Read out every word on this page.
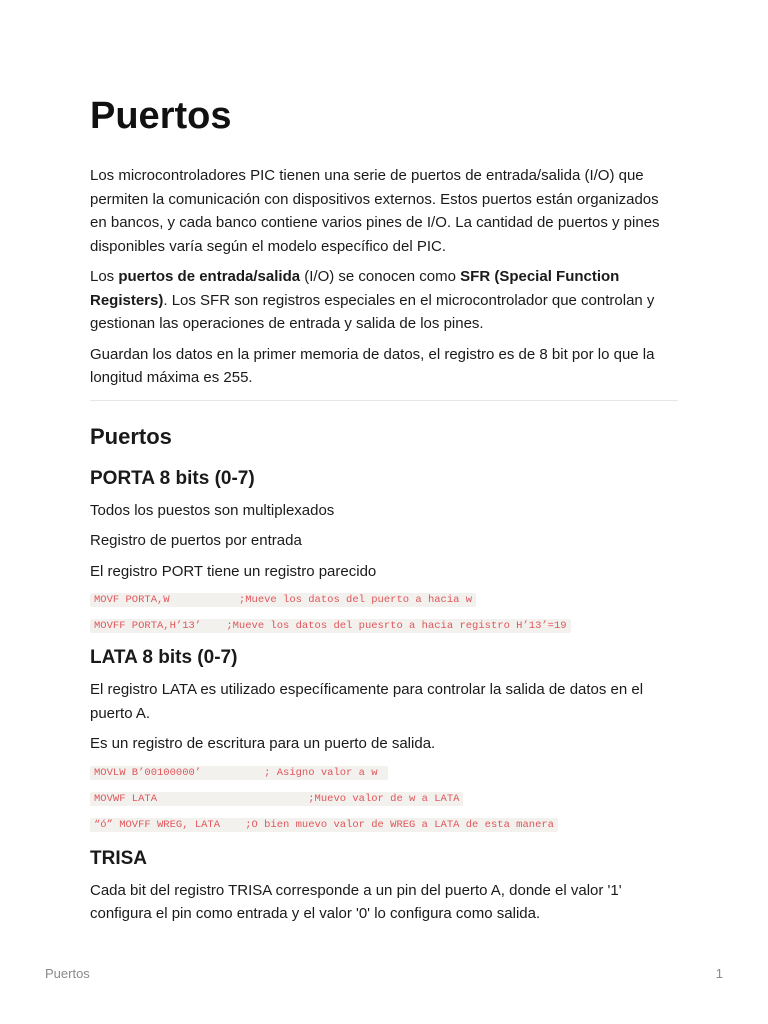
Puertos

Los microcontroladores PIC tienen una serie de puertos de entrada/salida (I/O) que permiten la comunicación con dispositivos externos. Estos puertos están organizados en bancos, y cada banco contiene varios pines de I/O. La cantidad de puertos y pines disponibles varía según el modelo específico del PIC.

Los puertos de entrada/salida (I/O) se conocen como SFR (Special Function Registers). Los SFR son registros especiales en el microcontrolador que controlan y gestionan las operaciones de entrada y salida de los pines.

Guardan los datos en la primer memoria de datos, el registro es de 8 bit por lo que la longitud máxima es 255.

Puertos
PORTA 8 bits (0-7)

Todos los puestos son multiplexados

Registro de puertos por entrada

El registro PORT tiene un registro parecido

MOVF PORTA,W           ;Mueve los datos del puerto a hacia w
MOVFF PORTA,H’13’    ;Mueve los datos del puesrto a hacia registro H’13’=19
LATA 8 bits (0-7)

El registro LATA es utilizado específicamente para controlar la salida de datos en el puerto A.

Es un registro de escritura para un puerto de salida.

MOVLW B’00100000’          ; Asigno valor a w
MOVWF LATA                        ;Muevo valor de w a LATA
“ó” MOVFF WREG, LATA    ;O bien muevo valor de WREG a LATA de esta manera
TRISA

Cada bit del registro TRISA corresponde a un pin del puerto A, donde el valor '1' configura el pin como entrada y el valor '0' lo configura como salida.

Puertos	1
